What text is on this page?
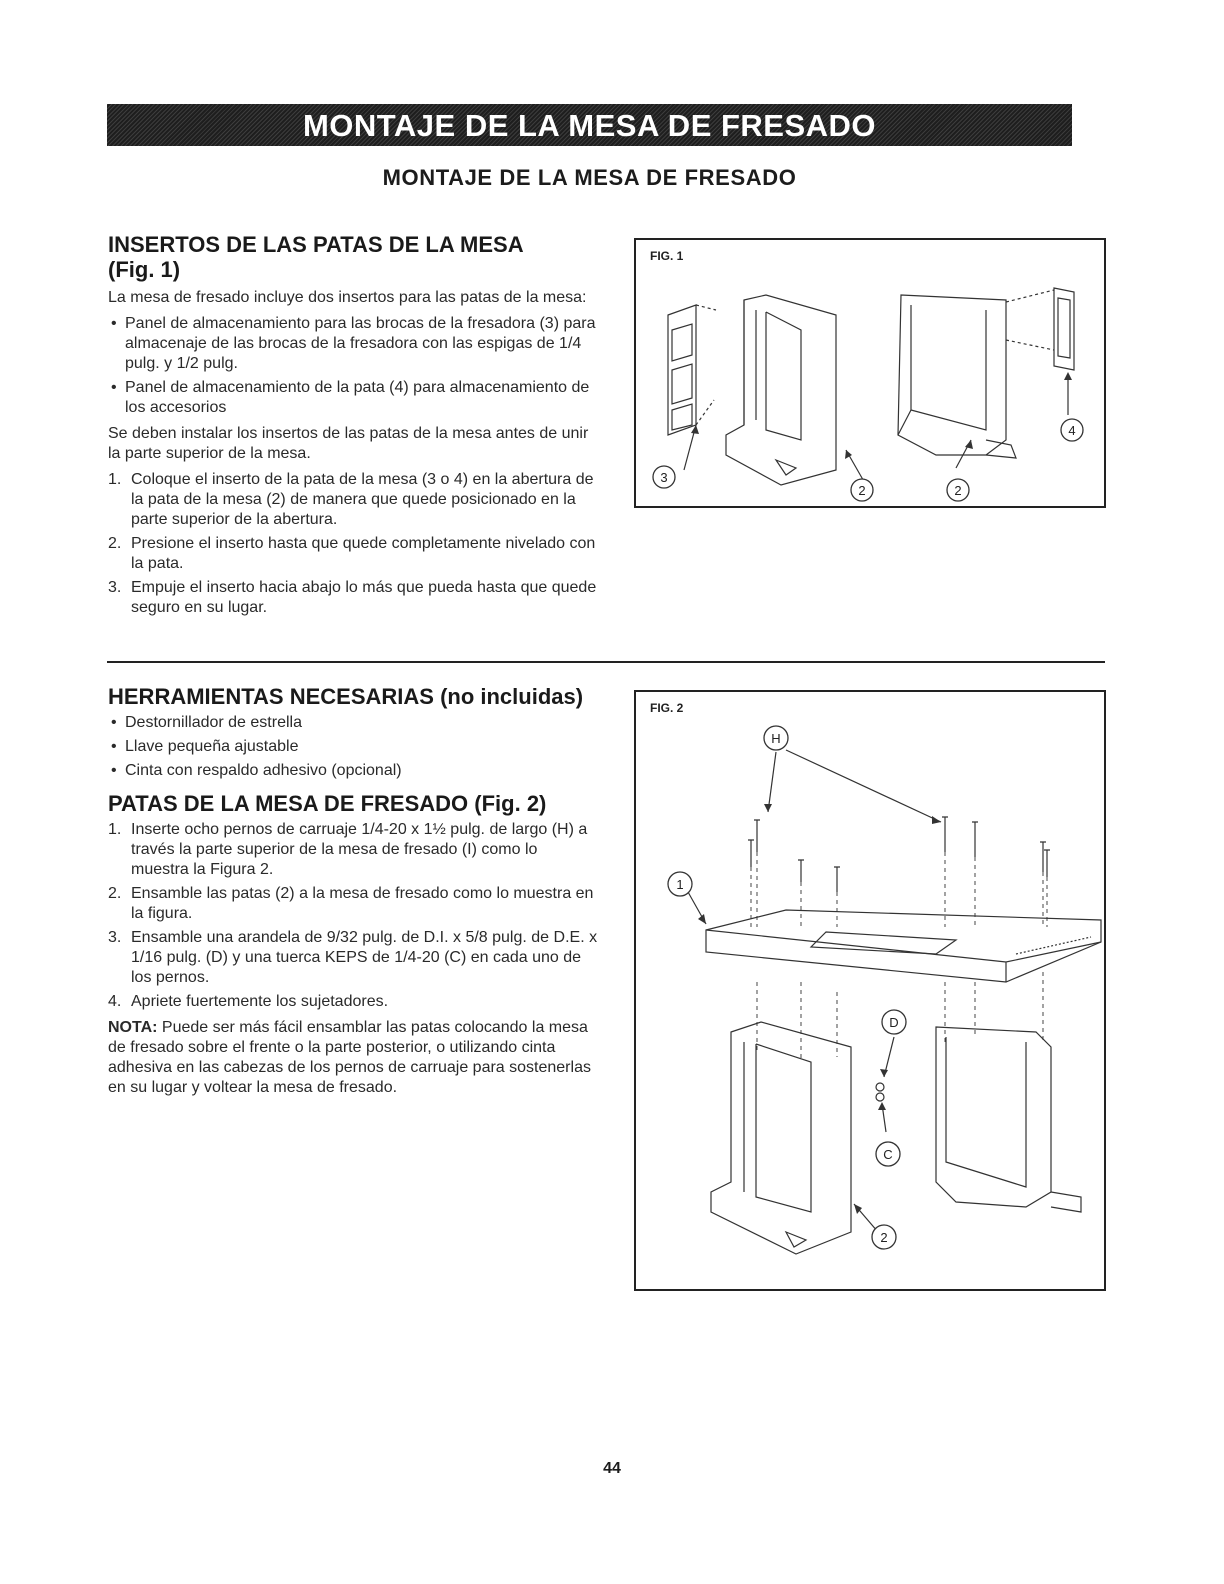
MONTAJE DE LA MESA DE FRESADO
MONTAJE DE LA MESA DE FRESADO
INSERTOS DE LAS PATAS DE LA MESA (Fig. 1)

La mesa de fresado incluye dos insertos para las patas de la mesa:

• Panel de almacenamiento para las brocas de la fresadora (3) para almacenaje de las brocas de la fresadora con las espigas de 1/4 pulg. y 1/2 pulg.
• Panel de almacenamiento de la pata (4) para almacenamiento de los accesorios

Se deben instalar los insertos de las patas de la mesa antes de unir la parte superior de la mesa.

1. Coloque el inserto de la pata de la mesa (3 o 4) en la abertura de la pata de la mesa (2) de manera que quede posicionado en la parte superior de la abertura.
2. Presione el inserto hasta que quede completamente nivelado con la pata.
3. Empuje el inserto hacia abajo lo más que pueda hasta que quede seguro en su lugar.
3
2	2
4
FIG. 1
HERRAMIENTAS NECESARIAS (no incluidas)
• Destornillador de estrella
• Llave pequeña ajustable
• Cinta con respaldo adhesivo (opcional)
PATAS DE LA MESA DE FRESADO (Fig. 2)
1. Inserte ocho pernos de carruaje 1/4-20 x 1½ pulg. de largo (H) a través la parte superior de la mesa de fresado (I) como lo muestra la Figura 2.
2. Ensamble las patas (2) a la mesa de fresado como lo muestra en la figura.
3. Ensamble una arandela de 9/32 pulg. de D.I. x 5/8 pulg. de D.E. x 1/16 pulg. (D) y una tuerca KEPS de 1/4-20 (C) en cada uno de los pernos.
4. Apriete fuertemente los sujetadores.

NOTA: Puede ser más fácil ensamblar las patas colocando la mesa de fresado sobre el frente o la parte posterior, o utilizando cinta adhesiva en las cabezas de los pernos de carruaje para sostenerlas en su lugar y voltear la mesa de fresado.

H
1
D
C
2
FIG. 2
44
